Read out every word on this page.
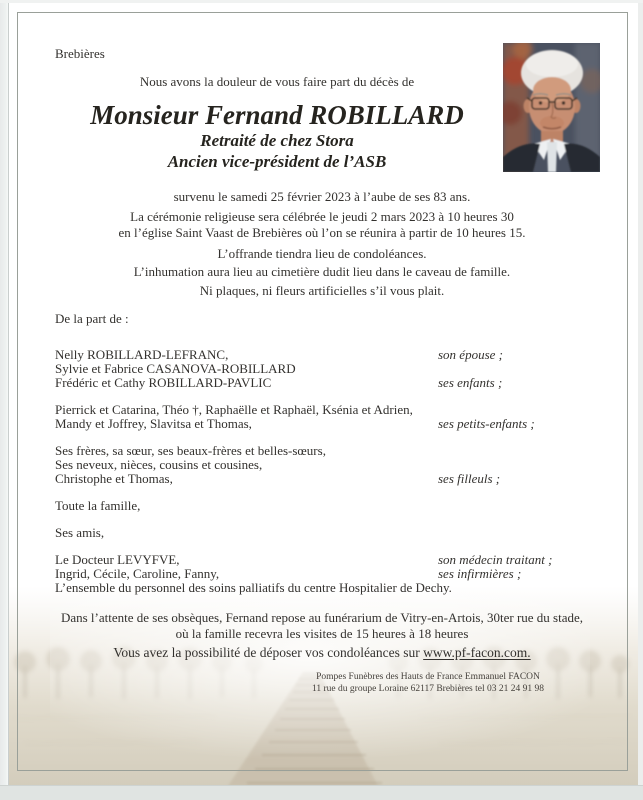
Brebières
Nous avons la douleur de vous faire part du décès de
Monsieur Fernand ROBILLARD
Retraité de chez Stora
Ancien vice-président de l’ASB
survenu le samedi 25 février 2023 à l’aube de ses 83 ans.
La cérémonie religieuse sera célébrée le jeudi 2 mars 2023 à 10 heures 30
en l’église Saint Vaast de Brebières où l’on se réunira à partir de 10 heures 15.
L’offrande tiendra lieu de condoléances.
L’inhumation aura lieu au cimetière dudit lieu dans le caveau de famille.
Ni plaques, ni fleurs artificielles s’il vous plait.
De la part de :
Nelly ROBILLARD-LEFRANC,	son épouse ;
Sylvie et Fabrice CASANOVA-ROBILLARD
Frédéric et Cathy ROBILLARD-PAVLIC	ses enfants ;
Pierrick et Catarina, Théo †, Raphaëlle et Raphaël, Ksénia et Adrien,
Mandy et Joffrey, Slavitsa et Thomas,	ses petits-enfants ;
Ses frères, sa sœur, ses beaux-frères et belles-sœurs,
Ses neveux, nièces, cousins et cousines,
Christophe et Thomas,	ses filleuls ;
Toute la famille,
Ses amis,
Le Docteur LEVYFVE,	son médecin traitant ;
Ingrid, Cécile, Caroline, Fanny,	ses infirmières ;
L’ensemble du personnel des soins palliatifs du centre Hospitalier de Dechy.
Dans l’attente de ses obsèques, Fernand repose au funérarium de Vitry-en-Artois, 30ter rue du stade,
où la famille recevra les visites de 15 heures à 18 heures
Vous avez la possibilité de déposer vos condoléances sur www.pf-facon.com.
Pompes Funèbres des Hauts de France Emmanuel FACON
11 rue du groupe Loraine 62117 Brebières tel 03 21 24 91 98
